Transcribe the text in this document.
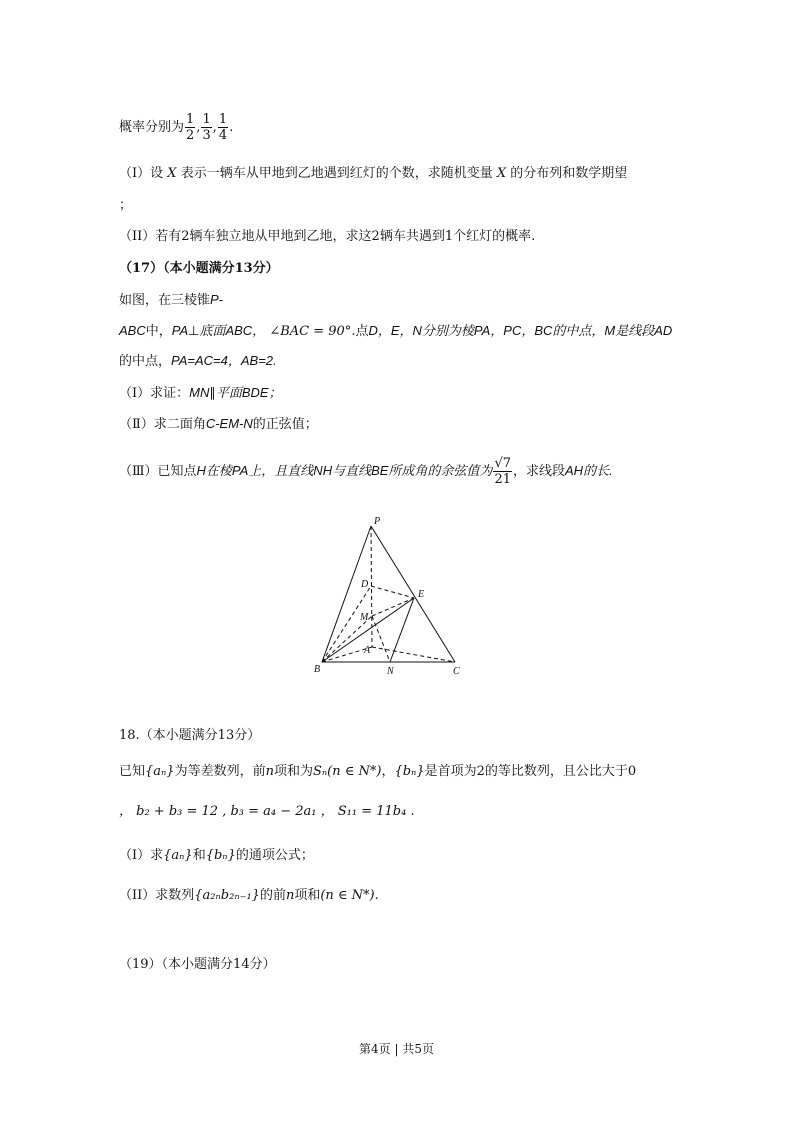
概率分别为 $\frac{1}{2}$ , $\frac{1}{3}$ , $\frac{1}{4}$ .
（I）设 X 表示一辆车从甲地到乙地遇到红灯的个数，求随机变量 X 的分布列和数学期望
；
（II）若有2辆车独立地从甲地到乙地，求这2辆车共遇到1个红灯的概率.
（17）（本小题满分13分）
如图，在三棱锥P-
ABC中，PA⊥底面ABC， ∠BAC = 90°.点D，E，N分别为棱PA，PC，BC的中点，M是线段AD
的中点，PA=AC=4，AB=2.
（Ⅰ）求证：MN∥平面BDE；
（Ⅱ）求二面角C-EM-N的正弦值；
（Ⅲ）已知点H在棱PA上，且直线NH与直线BE所成角的余弦值为 $\frac{√7}{21}$ ，求线段AH的长.
P
D
E
M
A
B	N	C
18.（本小题满分13分）
已知{aₙ}为等差数列，前n项和为Sₙ(n ∈ N*)，{bₙ}是首项为2的等比数列，且公比大于0
， b₂ + b₃ = 12 , b₃ = a₄ − 2a₁ ， S₁₁ = 11b₄ .
（I）求{aₙ}和{bₙ}的通项公式；
（II）求数列{a₂ₙb₂ₙ₋₁}的前n项和(n ∈ N*).
（19）（本小题满分14分）
第4页 | 共5页
